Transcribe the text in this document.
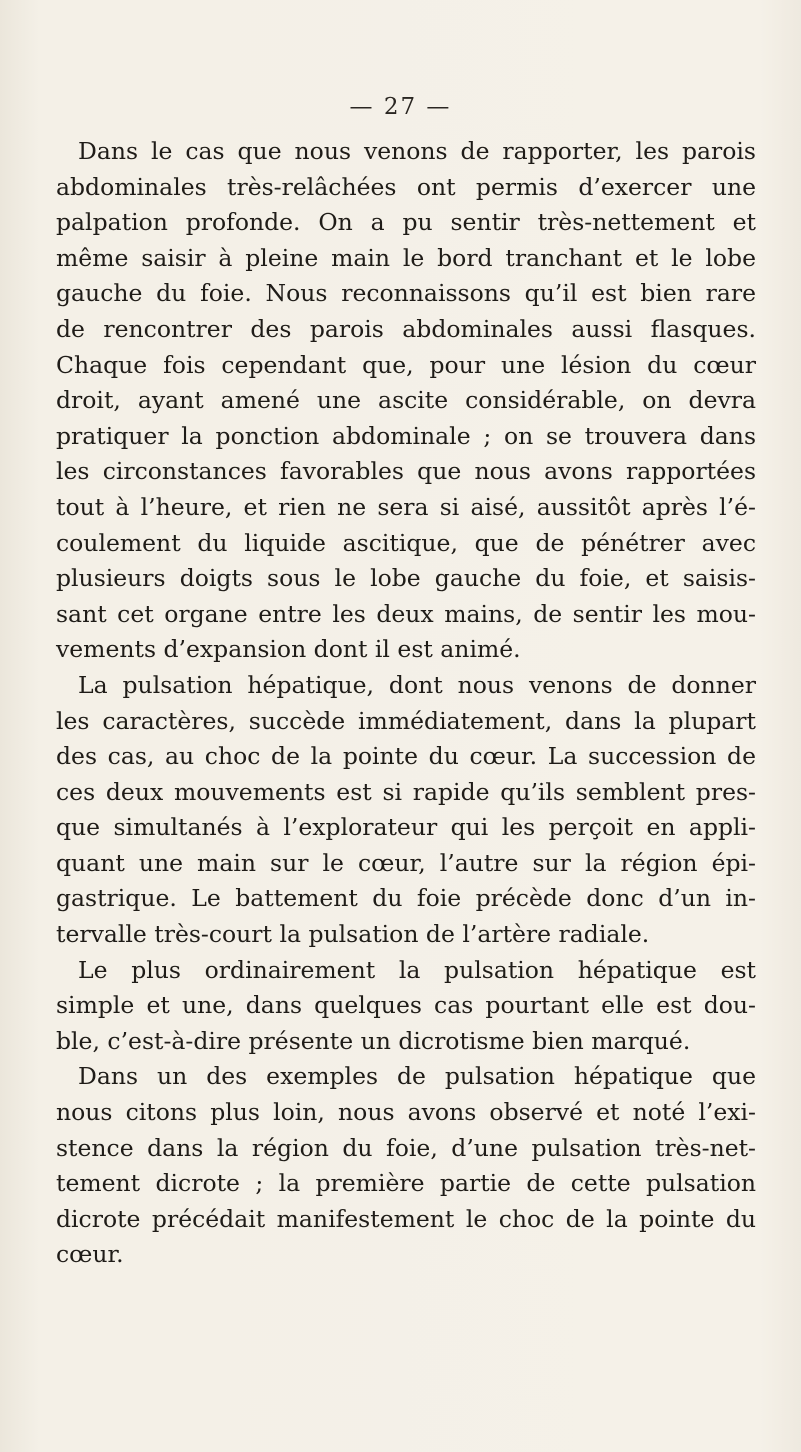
— 27 —
Dans le cas que nous venons de rapporter, les parois
abdominales très-relâchées ont permis d’exercer une
palpation profonde. On a pu sentir très-nettement et
même saisir à pleine main le bord tranchant et le lobe
gauche du foie. Nous reconnaissons qu’il est bien rare
de rencontrer des parois abdominales aussi flasques.
Chaque fois cependant que, pour une lésion du cœur
droit, ayant amené une ascite considérable, on devra
pratiquer la ponction abdominale ; on se trouvera dans
les circonstances favorables que nous avons rapportées
tout à l’heure, et rien ne sera si aisé, aussitôt après l’é-
coulement du liquide ascitique, que de pénétrer avec
plusieurs doigts sous le lobe gauche du foie, et saisis-
sant cet organe entre les deux mains, de sentir les mou-
vements d’expansion dont il est animé.
La pulsation hépatique, dont nous venons de donner
les caractères, succède immédiatement, dans la plupart
des cas, au choc de la pointe du cœur. La succession de
ces deux mouvements est si rapide qu’ils semblent pres-
que simultanés à l’explorateur qui les perçoit en appli-
quant une main sur le cœur, l’autre sur la région épi-
gastrique. Le battement du foie précède donc d’un in-
tervalle très-court la pulsation de l’artère radiale.
Le plus ordinairement la pulsation hépatique est
simple et une, dans quelques cas pourtant elle est dou-
ble, c’est-à-dire présente un dicrotisme bien marqué.
Dans un des exemples de pulsation hépatique que
nous citons plus loin, nous avons observé et noté l’exi-
stence dans la région du foie, d’une pulsation très-net-
tement dicrote ; la première partie de cette pulsation
dicrote précédait manifestement le choc de la pointe du
cœur.
